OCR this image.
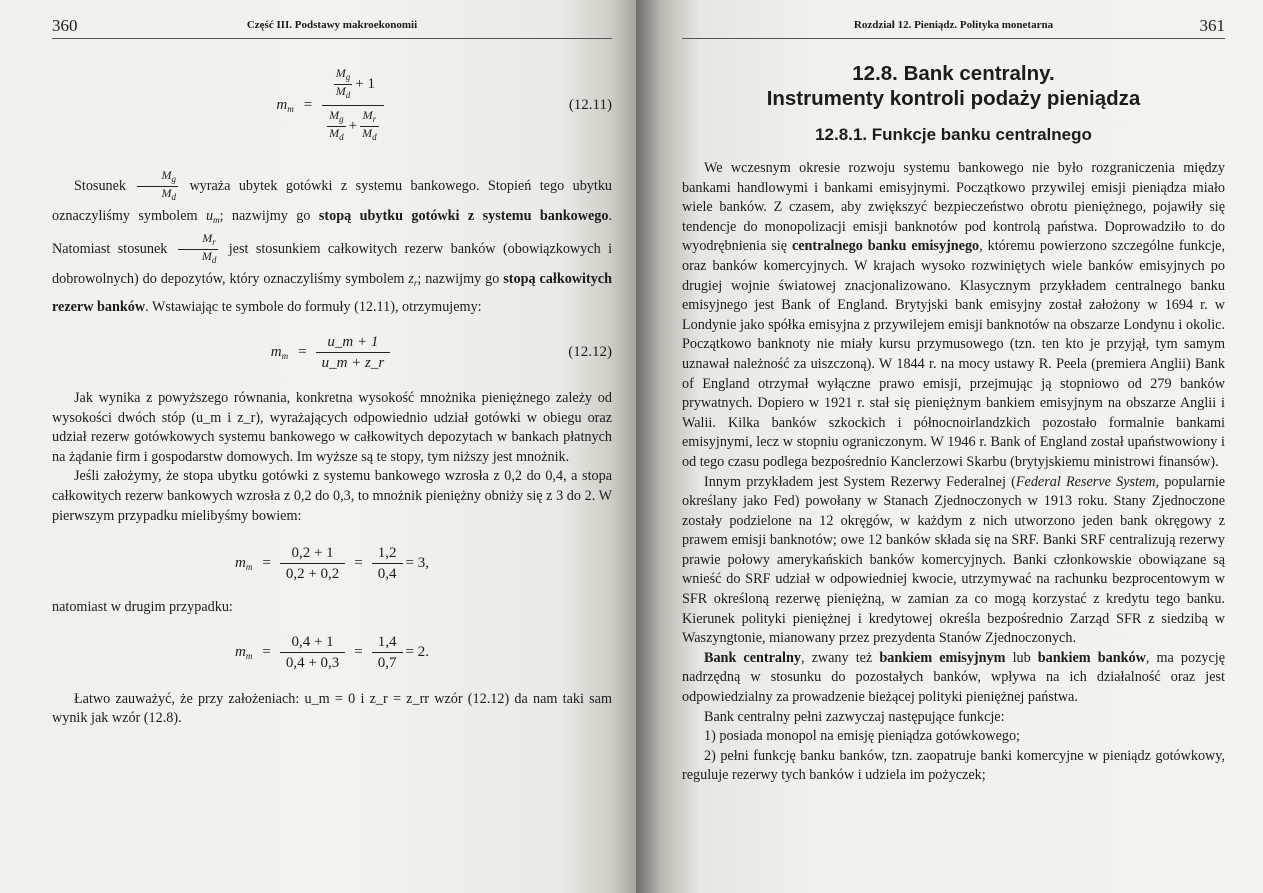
360	Część III. Podstawy makroekonomii
$m_m$ =
$\frac{M_g}{M_d} + 1$
$\frac{M_g}{M_d} + \frac{M_r}{M_d}$
(12.11)

Stosunek $\frac{M_g}{M_d}$ wyraża ubytek gotówki z systemu bankowego. Stopień tego ubytku oznaczyliśmy symbolem $u_m$; nazwijmy go stopą ubytku gotówki z systemu bankowego. Natomiast stosunek $\frac{M_r}{M_d}$ jest stosunkiem całkowitych rezerw banków (obowiązkowych i dobrowolnych) do depozytów, który oznaczyliśmy symbolem $z_r$; nazwijmy go stopą całkowitych rezerw banków. Wstawiając te symbole do formuły (12.11), otrzymujemy:

$m_m = \frac{u\_m + 1}{u\_m + z\_r}$	(12.12)

Jak wynika z powyższego równania, konkretna wysokość mnożnika pieniężnego zależy od wysokości dwóch stóp (u_m i z_r), wyrażających odpowiednio udział gotówki w obiegu oraz udział rezerw gotówkowych systemu bankowego w całkowitych depozytach w bankach płatnych na żądanie firm i gospodarstw domowych. Im wyższe są te stopy, tym niższy jest mnożnik.

Jeśli założymy, że stopa ubytku gotówki z systemu bankowego wzrosła z 0,2 do 0,4, a stopa całkowitych rezerw bankowych wzrosła z 0,2 do 0,3, to mnożnik pieniężny obniży się z 3 do 2. W pierwszym przypadku mielibyśmy bowiem:

$m_m = \frac{0,2 + 1}{0,2 + 0,2} = \frac{1,2}{0,4} = 3$,

natomiast w drugim przypadku:

$m_m = \frac{0,4 + 1}{0,4 + 0,3} = \frac{1,4}{0,7} = 2$.

Łatwo zauważyć, że przy założeniach: u_m = 0 i z_r = z_rr wzór (12.12) da nam taki sam wynik jak wzór (12.8).

Rozdział 12. Pieniądz. Polityka monetarna	361
12.8. Bank centralny.
Instrumenty kontroli podaży pieniądza
12.8.1. Funkcje banku centralnego

We wczesnym okresie rozwoju systemu bankowego nie było rozgraniczenia między bankami handlowymi i bankami emisyjnymi. Początkowo przywilej emisji pieniądza miało wiele banków. Z czasem, aby zwiększyć bezpieczeństwo obrotu pieniężnego, pojawiły się tendencje do monopolizacji emisji banknotów pod kontrolą państwa. Doprowadziło to do wyodrębnienia się centralnego banku emisyjnego, któremu powierzono szczególne funkcje, oraz banków komercyjnych. W krajach wysoko rozwiniętych wiele banków emisyjnych po drugiej wojnie światowej znacjonalizowano. Klasycznym przykładem centralnego banku emisyjnego jest Bank of England. Brytyjski bank emisyjny został założony w 1694 r. w Londynie jako spółka emisyjna z przywilejem emisji banknotów na obszarze Londynu i okolic. Początkowo banknoty nie miały kursu przymusowego (tzn. ten kto je przyjął, tym samym uznawał należność za uiszczoną). W 1844 r. na mocy ustawy R. Peela (premiera Anglii) Bank of England otrzymał wyłączne prawo emisji, przejmując ją stopniowo od 279 banków prywatnych. Dopiero w 1921 r. stał się pieniężnym bankiem emisyjnym na obszarze Anglii i Walii. Kilka banków szkockich i północnoirlandzkich pozostało formalnie bankami emisyjnymi, lecz w stopniu ograniczonym. W 1946 r. Bank of England został upaństwowiony i od tego czasu podlega bezpośrednio Kanclerzowi Skarbu (brytyjskiemu ministrowi finansów).

Innym przykładem jest System Rezerwy Federalnej (Federal Reserve System, popularnie określany jako Fed) powołany w Stanach Zjednoczonych w 1913 roku. Stany Zjednoczone zostały podzielone na 12 okręgów, w każdym z nich utworzono jeden bank okręgowy z prawem emisji banknotów; owe 12 banków składa się na SRF. Banki SRF centralizują rezerwy prawie połowy amerykańskich banków komercyjnych. Banki członkowskie obowiązane są wnieść do SRF udział w odpowiedniej kwocie, utrzymywać na rachunku bezprocentowym w SFR określoną rezerwę pieniężną, w zamian za co mogą korzystać z kredytu tego banku. Kierunek polityki pieniężnej i kredytowej określa bezpośrednio Zarząd SFR z siedzibą w Waszyngtonie, mianowany przez prezydenta Stanów Zjednoczonych.

Bank centralny, zwany też bankiem emisyjnym lub bankiem banków, ma pozycję nadrzędną w stosunku do pozostałych banków, wpływa na ich działalność oraz jest odpowiedzialny za prowadzenie bieżącej polityki pieniężnej państwa.

Bank centralny pełni zazwyczaj następujące funkcje:

1) posiada monopol na emisję pieniądza gotówkowego;

2) pełni funkcję banku banków, tzn. zaopatruje banki komercyjne w pieniądz gotówkowy, reguluje rezerwy tych banków i udziela im pożyczek;
